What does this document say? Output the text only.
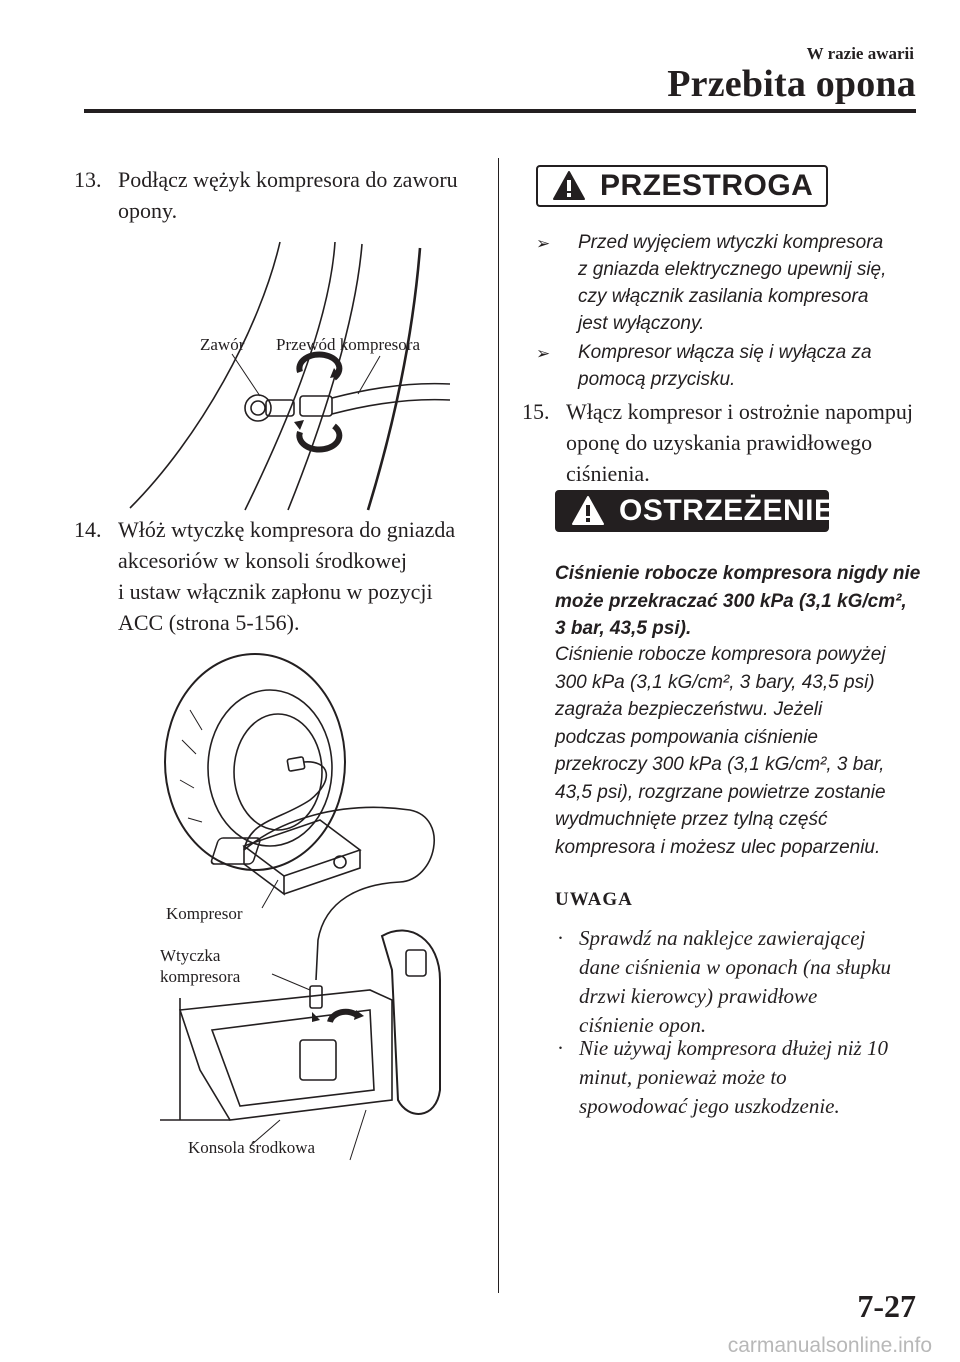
W razie awarii
Przebita opona
13. Podłącz wężyk kompresora do zaworu
opony.
Zawór Przewód kompresora
14. Włóż wtyczkę kompresora do gniazda
akcesoriów w konsoli środkowej
i ustaw włącznik zapłonu w pozycji
ACC (strona 5-156).
Kompresor
Wtyczka
kompresora
Konsola środkowa
PRZESTROGA
➢ Przed wyjęciem wtyczki kompresora
z gniazda elektrycznego upewnij się,
czy włącznik zasilania kompresora
jest wyłączony.
➢ Kompresor włącza się i wyłącza za
pomocą przycisku.
15. Włącz kompresor i ostrożnie napompuj
oponę do uzyskania prawidłowego
ciśnienia.
OSTRZEŻENIE
Ciśnienie robocze kompresora nigdy nie
może przekraczać 300 kPa (3,1 kG/cm²,
3 bar, 43,5 psi).
Ciśnienie robocze kompresora powyżej
300 kPa (3,1 kG/cm², 3 bary, 43,5 psi)
zagraża bezpieczeństwu. Jeżeli
podczas pompowania ciśnienie
przekroczy 300 kPa (3,1 kG/cm², 3 bar,
43,5 psi), rozgrzane powietrze zostanie
wydmuchnięte przez tylną część
kompresora i możesz ulec poparzeniu.
UWAGA
· Sprawdź na naklejce zawierającej
dane ciśnienia w oponach (na słupku
drzwi kierowcy) prawidłowe
ciśnienie opon.
· Nie używaj kompresora dłużej niż 10
minut, ponieważ może to
spowodować jego uszkodzenie.
7-27
carmanualsonline.info
